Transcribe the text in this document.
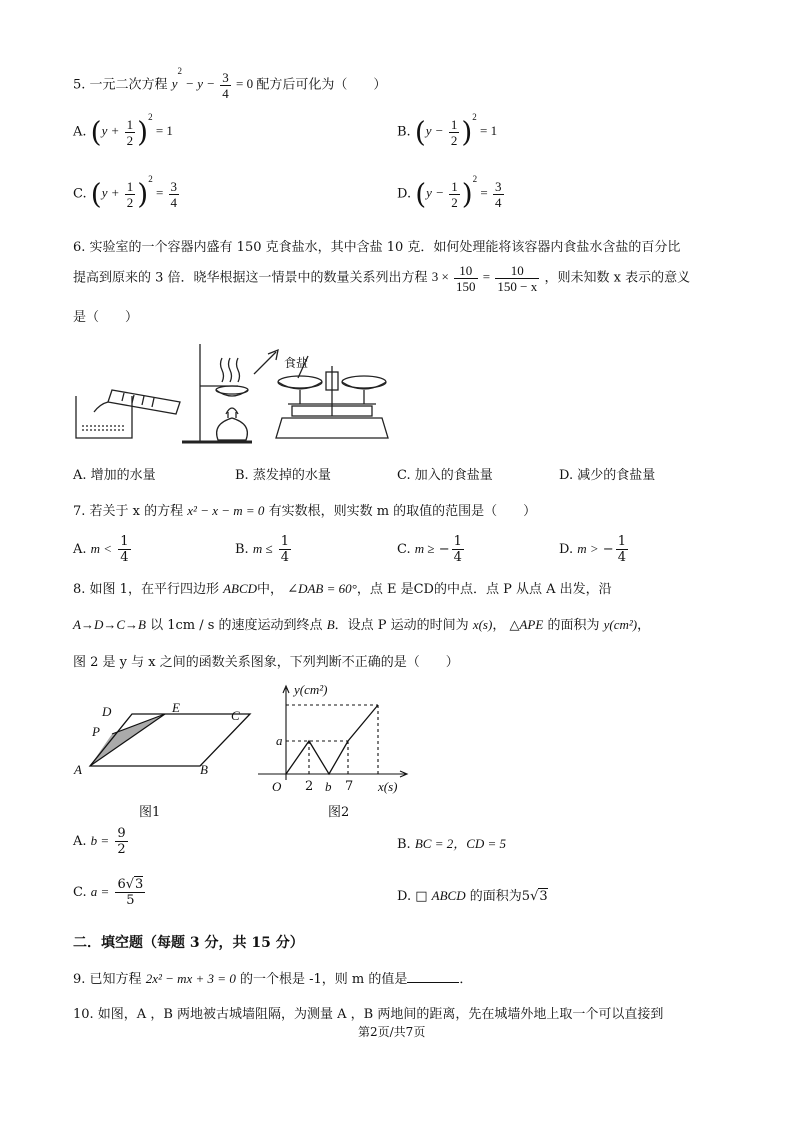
5. 一元二次方程 $y^2 - y - \frac{3}{4} = 0$ 配方后可化为（　　）
A. $(y + \frac{1}{2} )^2 = 1$	B. $(y - \frac{1}{2} )^2 = 1$
C. $(y + \frac{1}{2} )^2 = \frac{3}{4}$	D. $(y - \frac{1}{2} )^2 = \frac{3}{4}$
6. 实验室的一个容器内盛有 150 克食盐水，其中含盐 10 克．如何处理能将该容器内食盐水含盐的百分比
提高到原来的 3 倍．晓华根据这一情景中的数量关系列出方程 $3 \times \frac{10}{150} = \frac{10}{150 - x}$ ，则未知数 x 表示的意义
是（　　）
食盐
A. 增加的水量	B. 蒸发掉的水量	C. 加入的食盐量	D. 减少的食盐量
7. 若关于 x 的方程 x² − x − m = 0 有实数根，则实数 m 的取值的范围是（　　）
A. $m < \frac{1}{4}$	B. $m \le \frac{1}{4}$	C. m ≥ − $\frac{1}{4}$	D. m > − $\frac{1}{4}$
8. 如图 1，在平行四边形 ABCD中， ∠DAB = 60°，点 E 是CD的中点．点 P 从点 A 出发，沿
A→D→C→B 以 1cm / s 的速度运动到终点 B．设点 P 运动的时间为 x(s)， △APE 的面积为 y(cm²)，
图 2 是 y 与 x 之间的函数关系图象，下列判断不正确的是（　　）
D	E
C
P
A	B
图1
y(cm²)
a
O 2 b 7 x(s)
图2
A. $b = \frac{9}{2}$	B. BC = 2，CD = 5
C. $a = \frac{6√3}{5}$	D. □ ABCD 的面积为5√3
二．填空题（每题 3 分，共 15 分）
9. 已知方程 2x² − mx + 3 = 0 的一个根是 -1，则 m 的值是	．
10. 如图，A ，B 两地被古城墙阻隔，为测量 A ，B 两地间的距离，先在城墙外地上取一个可以直接到
第2页/共7页
